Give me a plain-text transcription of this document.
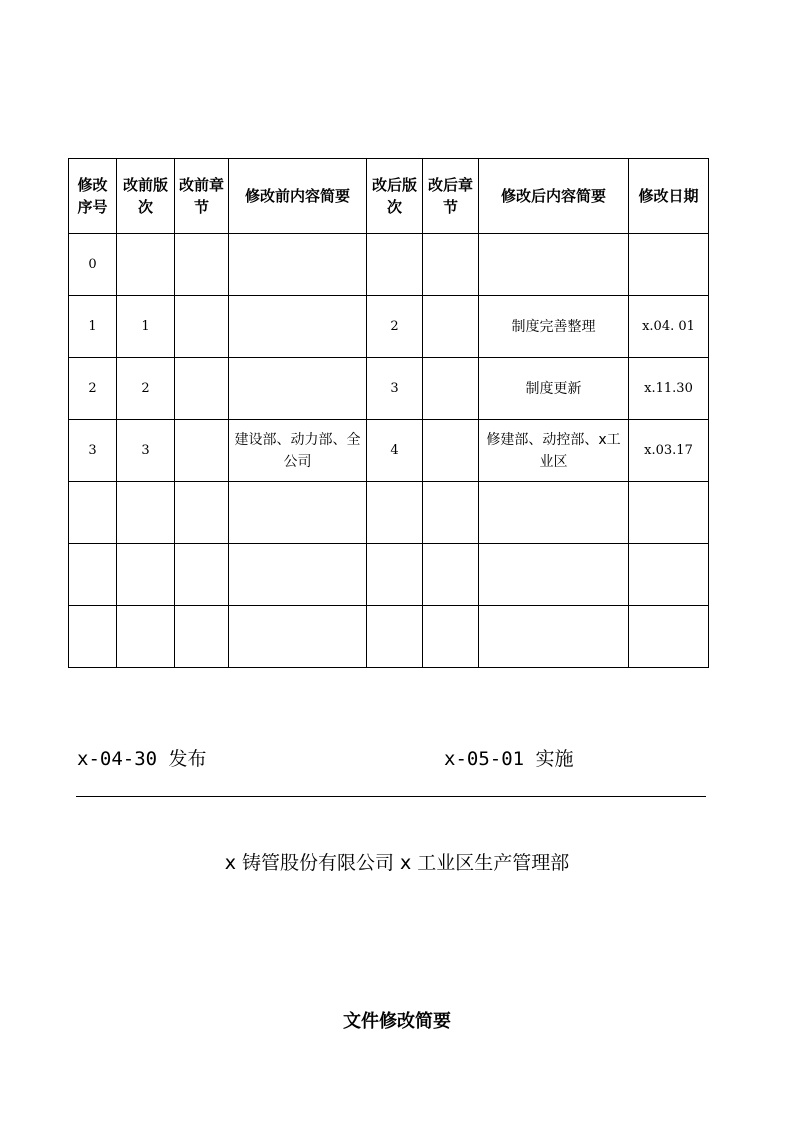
修改序号	改前版次	改前章节	修改前内容简要	改后版次	改后章节	修改后内容简要	修改日期
0							
1	1			2		制度完善整理	x.04. 01
2	2			3		制度更新	x.11.30
3	3		建设部、动力部、全公司	4		修建部、动控部、x工业区	x.03.17

x-04-30 发布	x-05-01 实施
x 铸管股份有限公司 x 工业区生产管理部
文件修改简要
